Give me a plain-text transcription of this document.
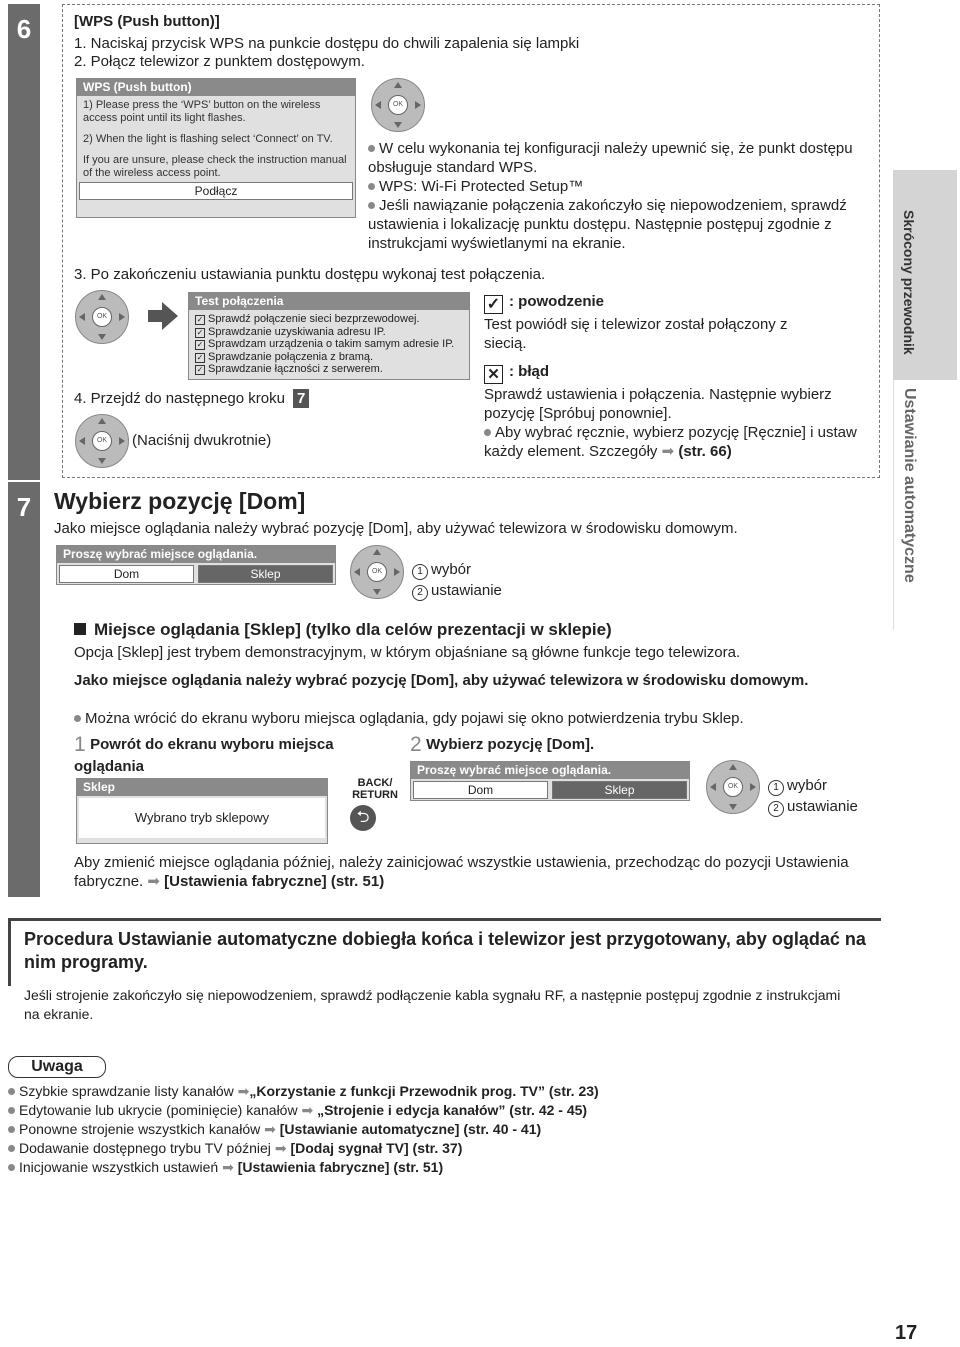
6
7
[WPS (Push button)]
1. Naciskaj przycisk WPS na punkcie dostępu do chwili zapalenia się lampki
2. Połącz telewizor z punktem dostępowym.
WPS (Push button)
1) Please press the ‘WPS’ button on the wireless access point until its light flashes.
2) When the light is flashing select ‘Connect’ on TV.
If you are unsure, please check the instruction manual of the wireless access point.
Podłącz
OK
W celu wykonania tej konfiguracji należy upewnić się, że punkt dostępu obsługuje standard WPS.
WPS: Wi-Fi Protected Setup™
Jeśli nawiązanie połączenia zakończyło się niepowodzeniem, sprawdź ustawienia i lokalizację punktu dostępu. Następnie postępuj zgodnie z instrukcjami wyświetlanymi na ekranie.
3. Po zakończeniu ustawiania punktu dostępu wykonaj test połączenia.
OK
Test połączenia
✓ Sprawdź połączenie sieci bezprzewodowej.
✓ Sprawdzanie uzyskiwania adresu IP.
✓ Sprawdzam urządzenia o takim samym adresie IP.
✓ Sprawdzanie połączenia z bramą.
✓ Sprawdzanie łączności z serwerem.
✓ : powodzenie
Test powiódł się i telewizor został połączony z siecią.
✕ : błąd
Sprawdź ustawienia i połączenia. Następnie wybierz pozycję [Spróbuj ponownie].
Aby wybrać ręcznie, wybierz pozycję [Ręcznie] i ustaw każdy element. Szczegóły ➡ (str. 66)
4. Przejdź do następnego kroku 7
OK	(Naciśnij dwukrotnie)
Wybierz pozycję [Dom]
Jako miejsce oglądania należy wybrać pozycję [Dom], aby używać telewizora w środowisku domowym.
Proszę wybrać miejsce oglądania.
Dom	Sklep	OK	1 wybór
2 ustawianie
Miejsce oglądania [Sklep] (tylko dla celów prezentacji w sklepie)
Opcja [Sklep] jest trybem demonstracyjnym, w którym objaśniane są główne funkcje tego telewizora.
Jako miejsce oglądania należy wybrać pozycję [Dom], aby używać telewizora w środowisku domowym.
Można wrócić do ekranu wyboru miejsca oglądania, gdy pojawi się okno potwierdzenia trybu Sklep.
1 Powrót do ekranu wyboru miejsca oglądania
Sklep
Wybrano tryb sklepowy
BACK/ RETURN
⮌
2 Wybierz pozycję [Dom].
Proszę wybrać miejsce oglądania.
Dom	Sklep	OK	1 wybór
2 ustawianie
Aby zmienić miejsce oglądania później, należy zainicjować wszystkie ustawienia, przechodząc do pozycji Ustawienia fabryczne. ➡ [Ustawienia fabryczne] (str. 51)
Procedura Ustawianie automatyczne dobiegła końca i telewizor jest przygotowany, aby oglądać na nim programy.
Jeśli strojenie zakończyło się niepowodzeniem, sprawdź podłączenie kabla sygnału RF, a następnie postępuj zgodnie z instrukcjami na ekranie.
Uwaga
Szybkie sprawdzanie listy kanałów ➡„Korzystanie z funkcji Przewodnik prog. TV” (str. 23)
Edytowanie lub ukrycie (pominięcie) kanałów ➡ „Strojenie i edycja kanałów” (str. 42 - 45)
Ponowne strojenie wszystkich kanałów ➡ [Ustawianie automatyczne] (str. 40 - 41)
Dodawanie dostępnego trybu TV później ➡ [Dodaj sygnał TV] (str. 37)
Inicjowanie wszystkich ustawień ➡ [Ustawienia fabryczne] (str. 51)
Skrócony przewodnik
Ustawianie automatyczne
17
